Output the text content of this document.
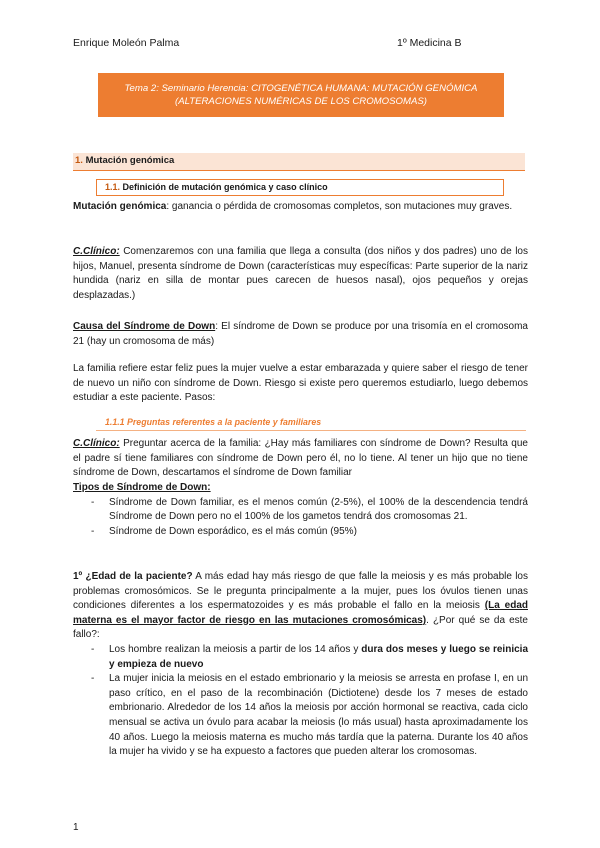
Enrique Moleón Palma	1º Medicina B
Tema 2: Seminario Herencia: CITOGENÉTICA HUMANA: MUTACIÓN GENÓMICA
(ALTERACIONES NUMÉRICAS DE LOS CROMOSOMAS)
1. Mutación genómica
1.1. Definición de mutación genómica y caso clínico
Mutación genómica: ganancia o pérdida de cromosomas completos, son mutaciones muy graves.
C.Clínico: Comenzaremos con una familia que llega a consulta (dos niños y dos padres) uno de los hijos, Manuel, presenta síndrome de Down (características muy específicas: Parte superior de la nariz hundida (nariz en silla de montar pues carecen de huesos nasal), ojos pequeños y orejas desplazadas.)
Causa del Síndrome de Down: El síndrome de Down se produce por una trisomía en el cromosoma 21 (hay un cromosoma de más)
La familia refiere estar feliz pues la mujer vuelve a estar embarazada y quiere saber el riesgo de tener de nuevo un niño con síndrome de Down. Riesgo si existe pero queremos estudiarlo, luego debemos estudiar a este paciente. Pasos:
1.1.1 Preguntas referentes a la paciente y familiares
C.Clínico: Preguntar acerca de la familia: ¿Hay más familiares con síndrome de Down? Resulta que el padre sí tiene familiares con síndrome de Down pero él, no lo tiene. Al tener un hijo que no tiene síndrome de Down, descartamos el síndrome de Down familiar
Tipos de Síndrome de Down:
- Síndrome de Down familiar, es el menos común (2-5%), el 100% de la descendencia tendrá Síndrome de Down pero no el 100% de los gametos tendrá dos cromosomas 21.
- Síndrome de Down esporádico, es el más común (95%)
1º ¿Edad de la paciente? A más edad hay más riesgo de que falle la meiosis y es más probable los problemas cromosómicos. Se le pregunta principalmente a la mujer, pues los óvulos tienen unas condiciones diferentes a los espermatozoides y es más probable el fallo en la meiosis (La edad materna es el mayor factor de riesgo en las mutaciones cromosómicas). ¿Por qué se da este fallo?:
- Los hombre realizan la meiosis a partir de los 14 años y dura dos meses y luego se reinicia y empieza de nuevo
- La mujer inicia la meiosis en el estado embrionario y la meiosis se arresta en profase I, en un paso crítico, en el paso de la recombinación (Dictiotene) desde los 7 meses de estado embrionario. Alrededor de los 14 años la meiosis por acción hormonal se reactiva, cada ciclo mensual se activa un óvulo para acabar la meiosis (lo más usual) hasta aproximadamente los 40 años. Luego la meiosis materna es mucho más tardía que la paterna. Durante los 40 años la mujer ha vivido y se ha expuesto a factores que pueden alterar los cromosomas.
1
